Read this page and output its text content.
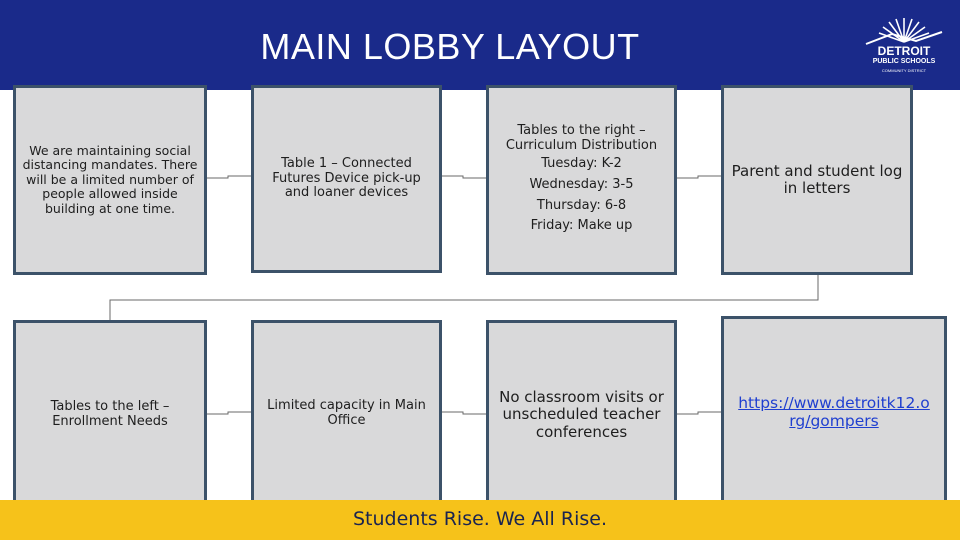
MAIN LOBBY LAYOUT	DETROIT
PUBLIC SCHOOLS
COMMUNITY DISTRICT
We are maintaining social distancing mandates. There will be a limited number of people allowed inside building at one time.
Table 1 – Connected Futures Device pick-up and loaner devices
Tables to the right – Curriculum Distribution
Tuesday: K-2
Wednesday: 3-5
Thursday: 6-8
Friday: Make up
Parent and student log in letters
Tables to the left – Enrollment Needs
Limited capacity in Main Office
No classroom visits or unscheduled teacher conferences
https://www.detroitk12.org/gompers
Students Rise. We All Rise.
